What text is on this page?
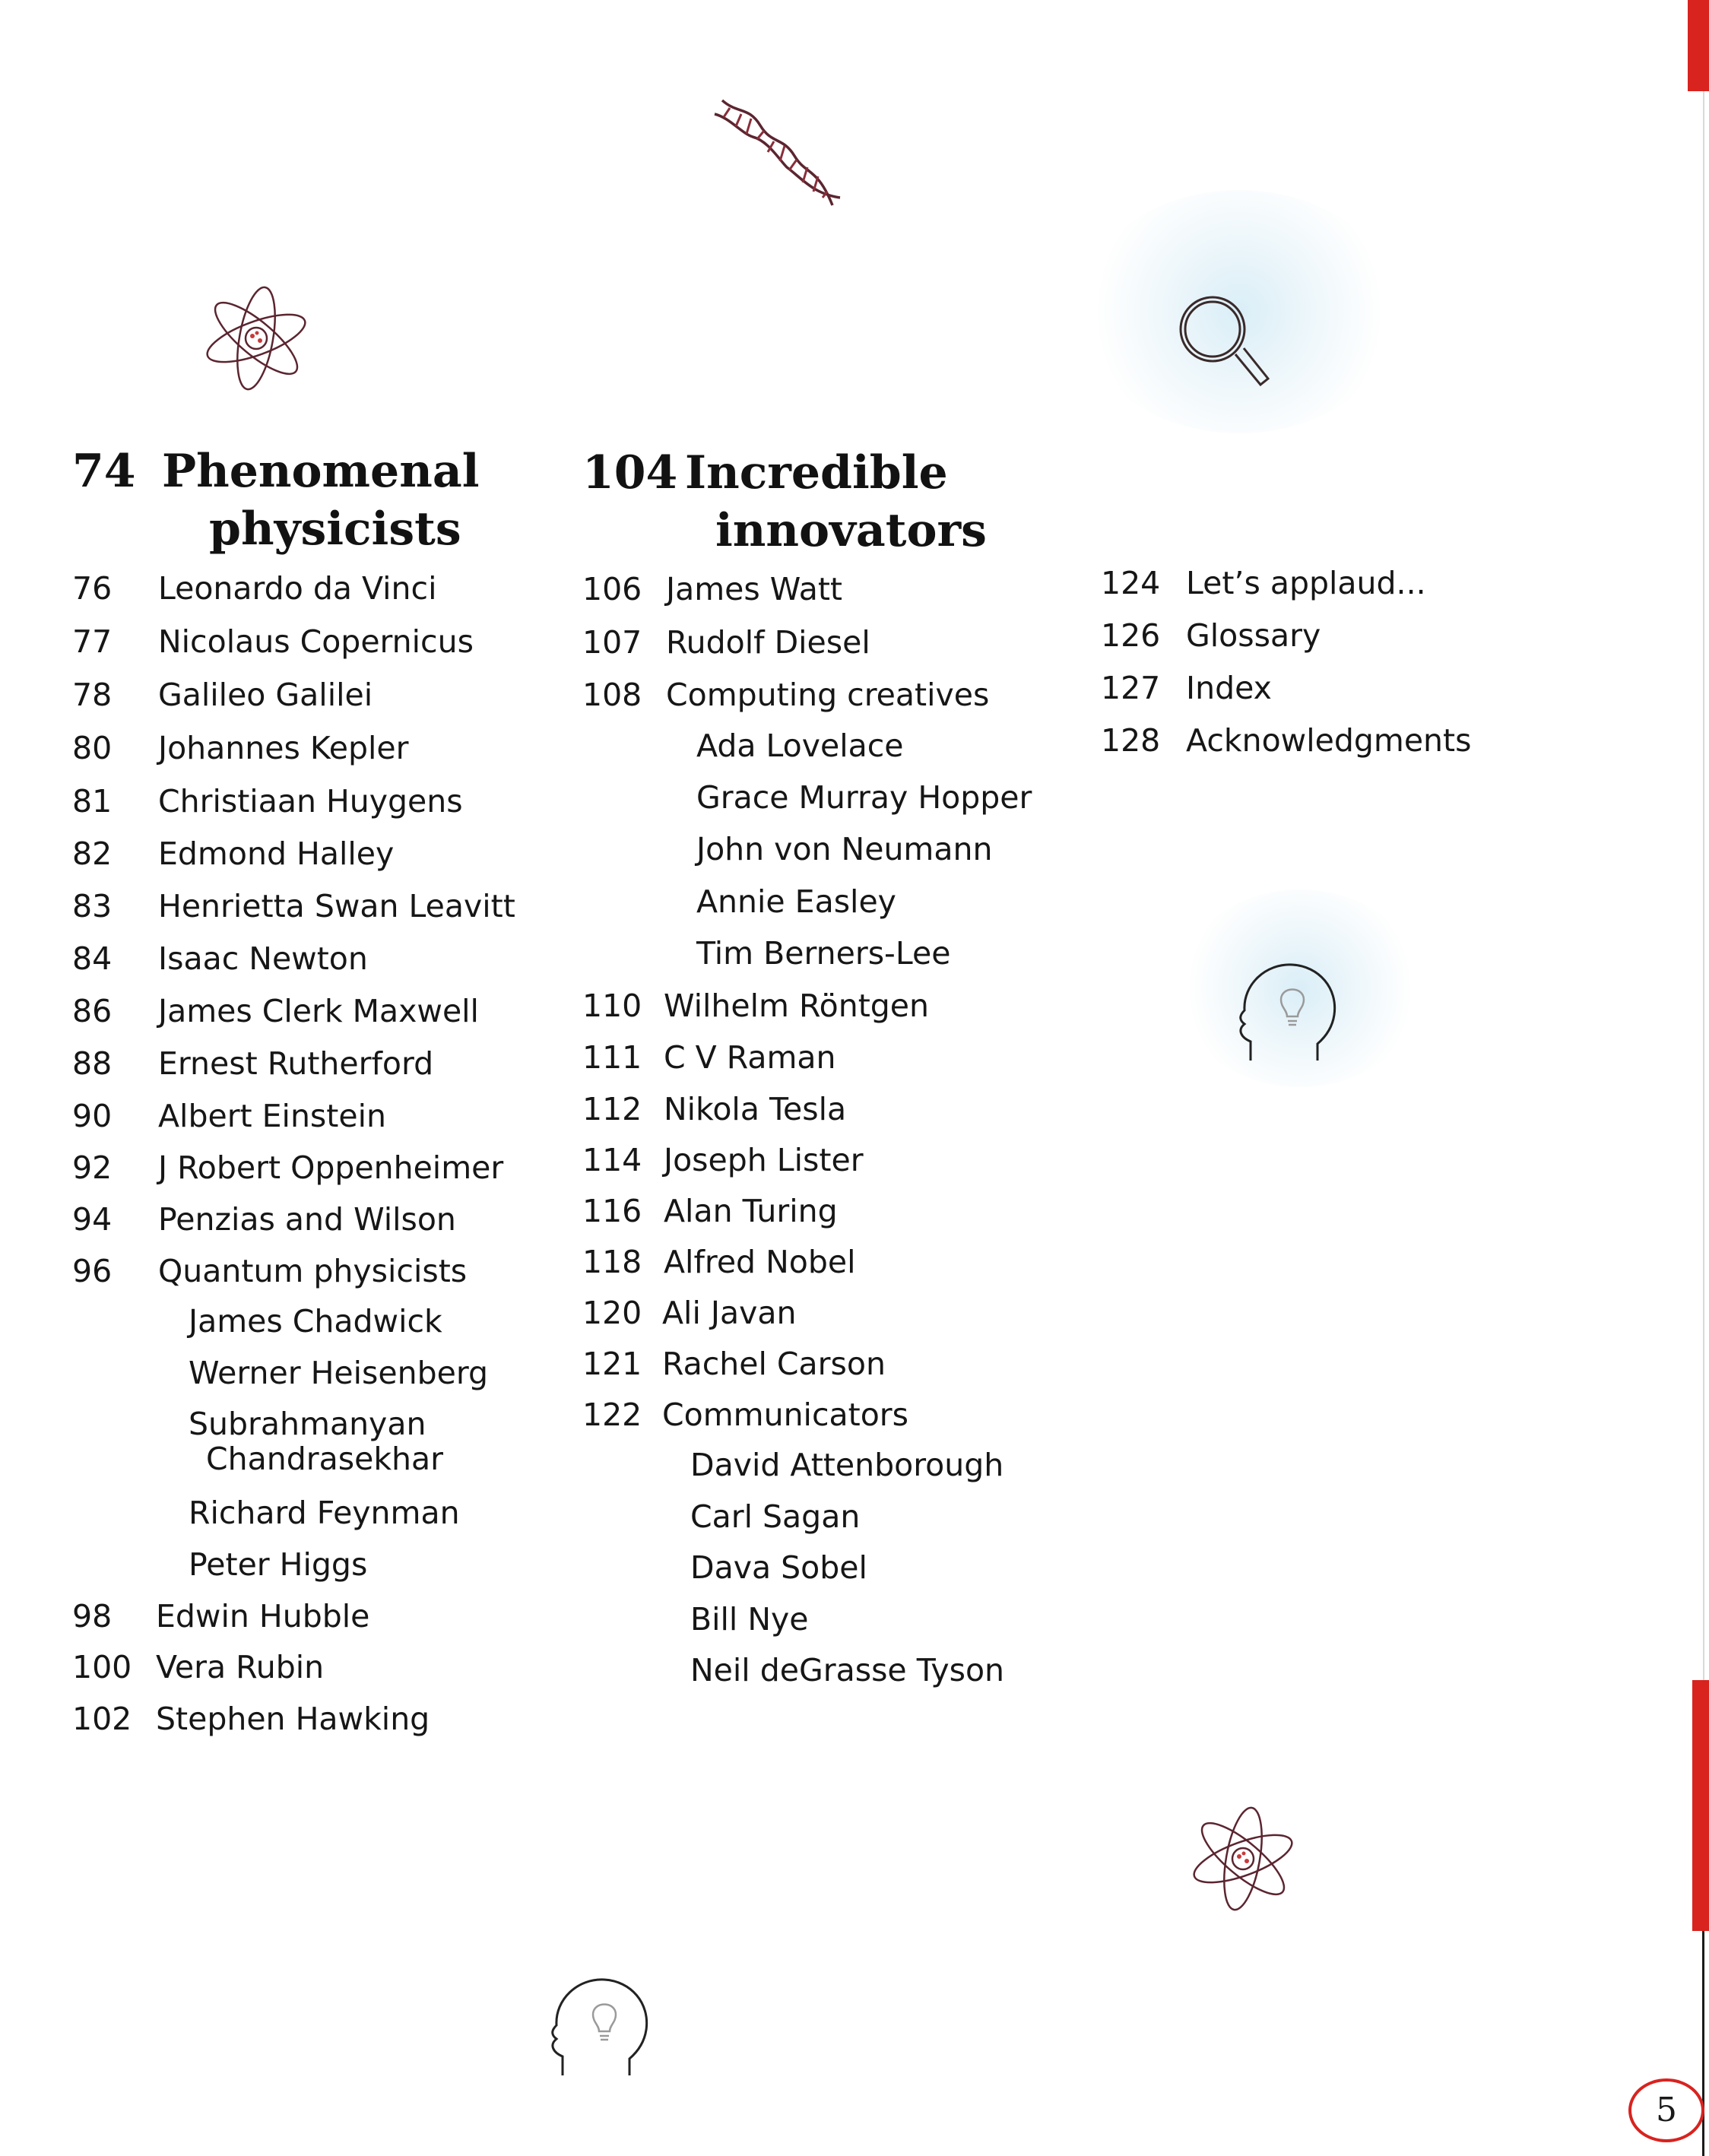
74 Phenomenal
physicists
76 Leonardo da Vinci
77 Nicolaus Copernicus
78 Galileo Galilei
80 Johannes Kepler
81 Christiaan Huygens
82 Edmond Halley
83 Henrietta Swan Leavitt
84 Isaac Newton
86 James Clerk Maxwell
88 Ernest Rutherford
90 Albert Einstein
92 J Robert Oppenheimer
94 Penzias and Wilson
96 Quantum physicists
James Chadwick
Werner Heisenberg
Subrahmanyan
Chandrasekhar
Richard Feynman
Peter Higgs
98 Edwin Hubble
100 Vera Rubin
102 Stephen Hawking
104 Incredible
innovators
106 James Watt
107 Rudolf Diesel
108 Computing creatives
Ada Lovelace
Grace Murray Hopper
John von Neumann
Annie Easley
Tim Berners-Lee
110 Wilhelm Röntgen
111 C V Raman
112 Nikola Tesla
114 Joseph Lister
116 Alan Turing
118 Alfred Nobel
120 Ali Javan
121 Rachel Carson
122 Communicators
David Attenborough
Carl Sagan
Dava Sobel
Bill Nye
Neil deGrasse Tyson
124 Let’s applaud...
126 Glossary
127 Index
128 Acknowledgments
5
